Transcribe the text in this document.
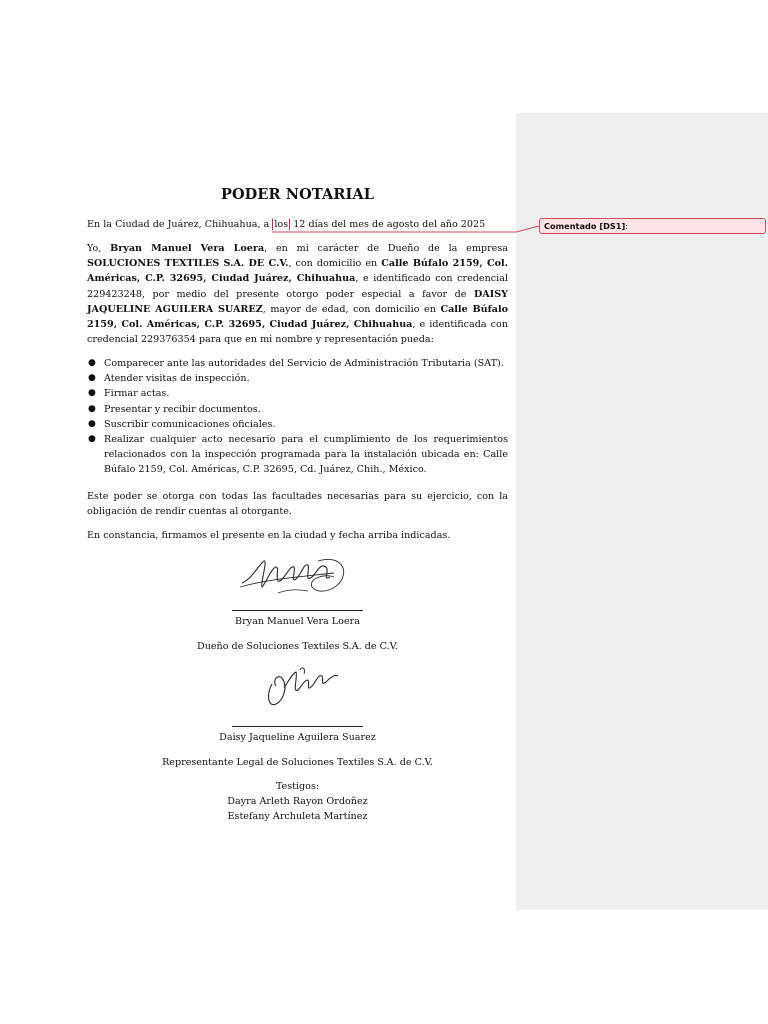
PODER NOTARIAL
En la Ciudad de Juárez, Chihuahua, a los 12 días del mes de agosto del año 2025
Yo, Bryan Manuel Vera Loera, en mi carácter de Dueño de la empresa SOLUCIONES TEXTILES S.A. DE C.V., con domicilio en Calle Búfalo 2159, Col. Américas, C.P. 32695, Ciudad Juárez, Chihuahua, e identificado con credencial 229423248, por medio del presente otorgo poder especial a favor de DAISY JAQUELINE AGUILERA SUAREZ, mayor de edad, con domicilio en Calle Búfalo 2159, Col. Américas, C.P. 32695, Ciudad Juárez, Chihuahua, e identificada con credencial 229376354 para que en mi nombre y representación pueda:
● Comparecer ante las autoridades del Servicio de Administración Tributaria (SAT).
● Atender visitas de inspección.
● Firmar actas.
● Presentar y recibir documentos.
● Suscribir comunicaciones oficiales.
● Realizar cualquier acto necesario para el cumplimiento de los requerimientos relacionados con la inspección programada para la instalación ubicada en: Calle Búfalo 2159, Col. Américas, C.P. 32695, Cd. Juárez, Chih., México.
Este poder se otorga con todas las facultades necesarias para su ejercicio, con la obligación de rendir cuentas al otorgante.
En constancia, firmamos el presente en la ciudad y fecha arriba indicadas.
Bryan Manuel Vera Loera
Dueño de Soluciones Textiles S.A. de C.V.
Daisy Jaqueline Aguilera Suarez
Representante Legal de Soluciones Textiles S.A. de C.V.
Testigos:
Dayra Arleth Rayon Ordoñez
Estefany Archuleta Martínez
Comentado [DS1]:
